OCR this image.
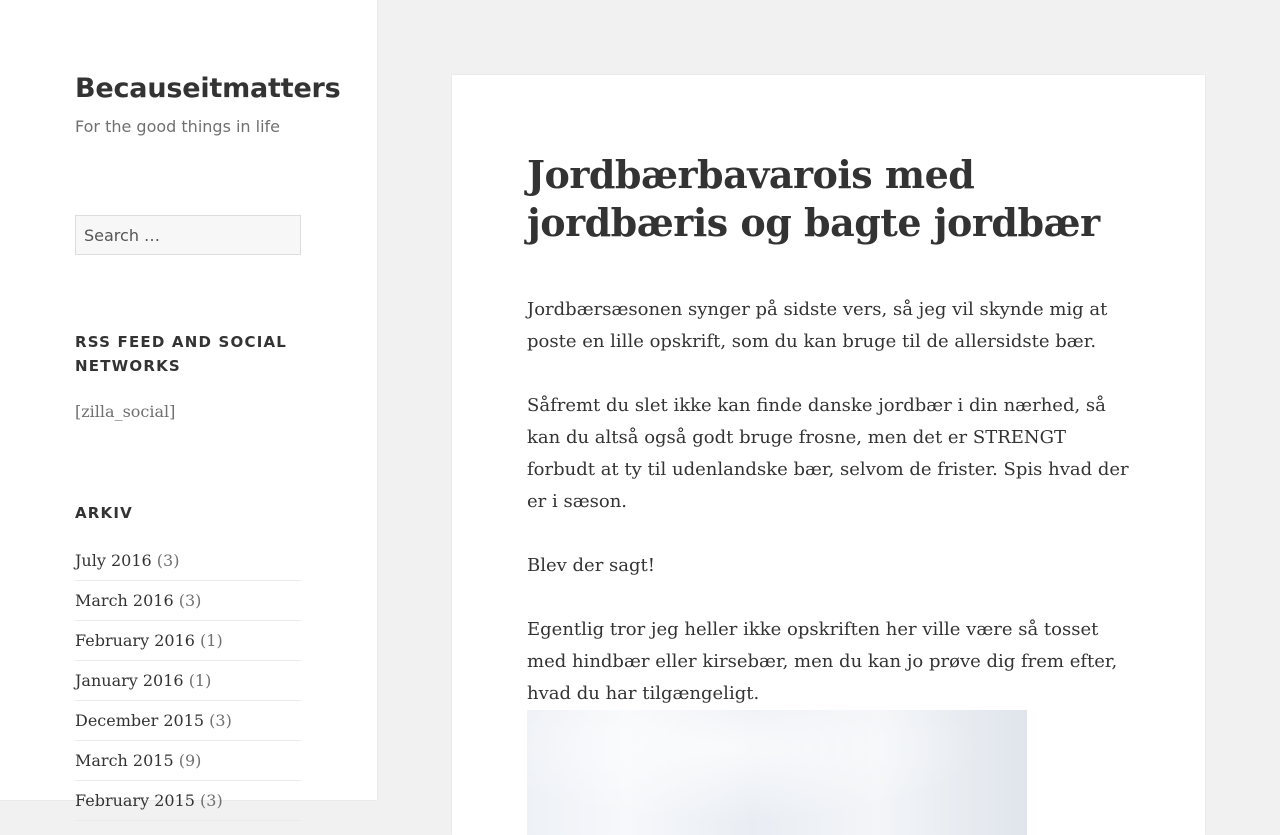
Becauseitmatters
For the good things in life
Search …
RSS FEED AND SOCIAL NETWORKS
[zilla_social]
ARKIV
July 2016 (3)
March 2016 (3)
February 2016 (1)
January 2016 (1)
December 2015 (3)
March 2015 (9)
February 2015 (3)
Jordbærbavarois med jordbæris og bagte jordbær

Jordbærsæsonen synger på sidste vers, så jeg vil skynde mig at poste en lille opskrift, som du kan bruge til de allersidste bær.

Såfremt du slet ikke kan finde danske jordbær i din nærhed, så kan du altså også godt bruge frosne, men det er STRENGT forbudt at ty til udenlandske bær, selvom de frister. Spis hvad der er i sæson.

Blev der sagt!

Egentlig tror jeg heller ikke opskriften her ville være så tosset med hindbær eller kirsebær, men du kan jo prøve dig frem efter, hvad du har tilgængeligt.
